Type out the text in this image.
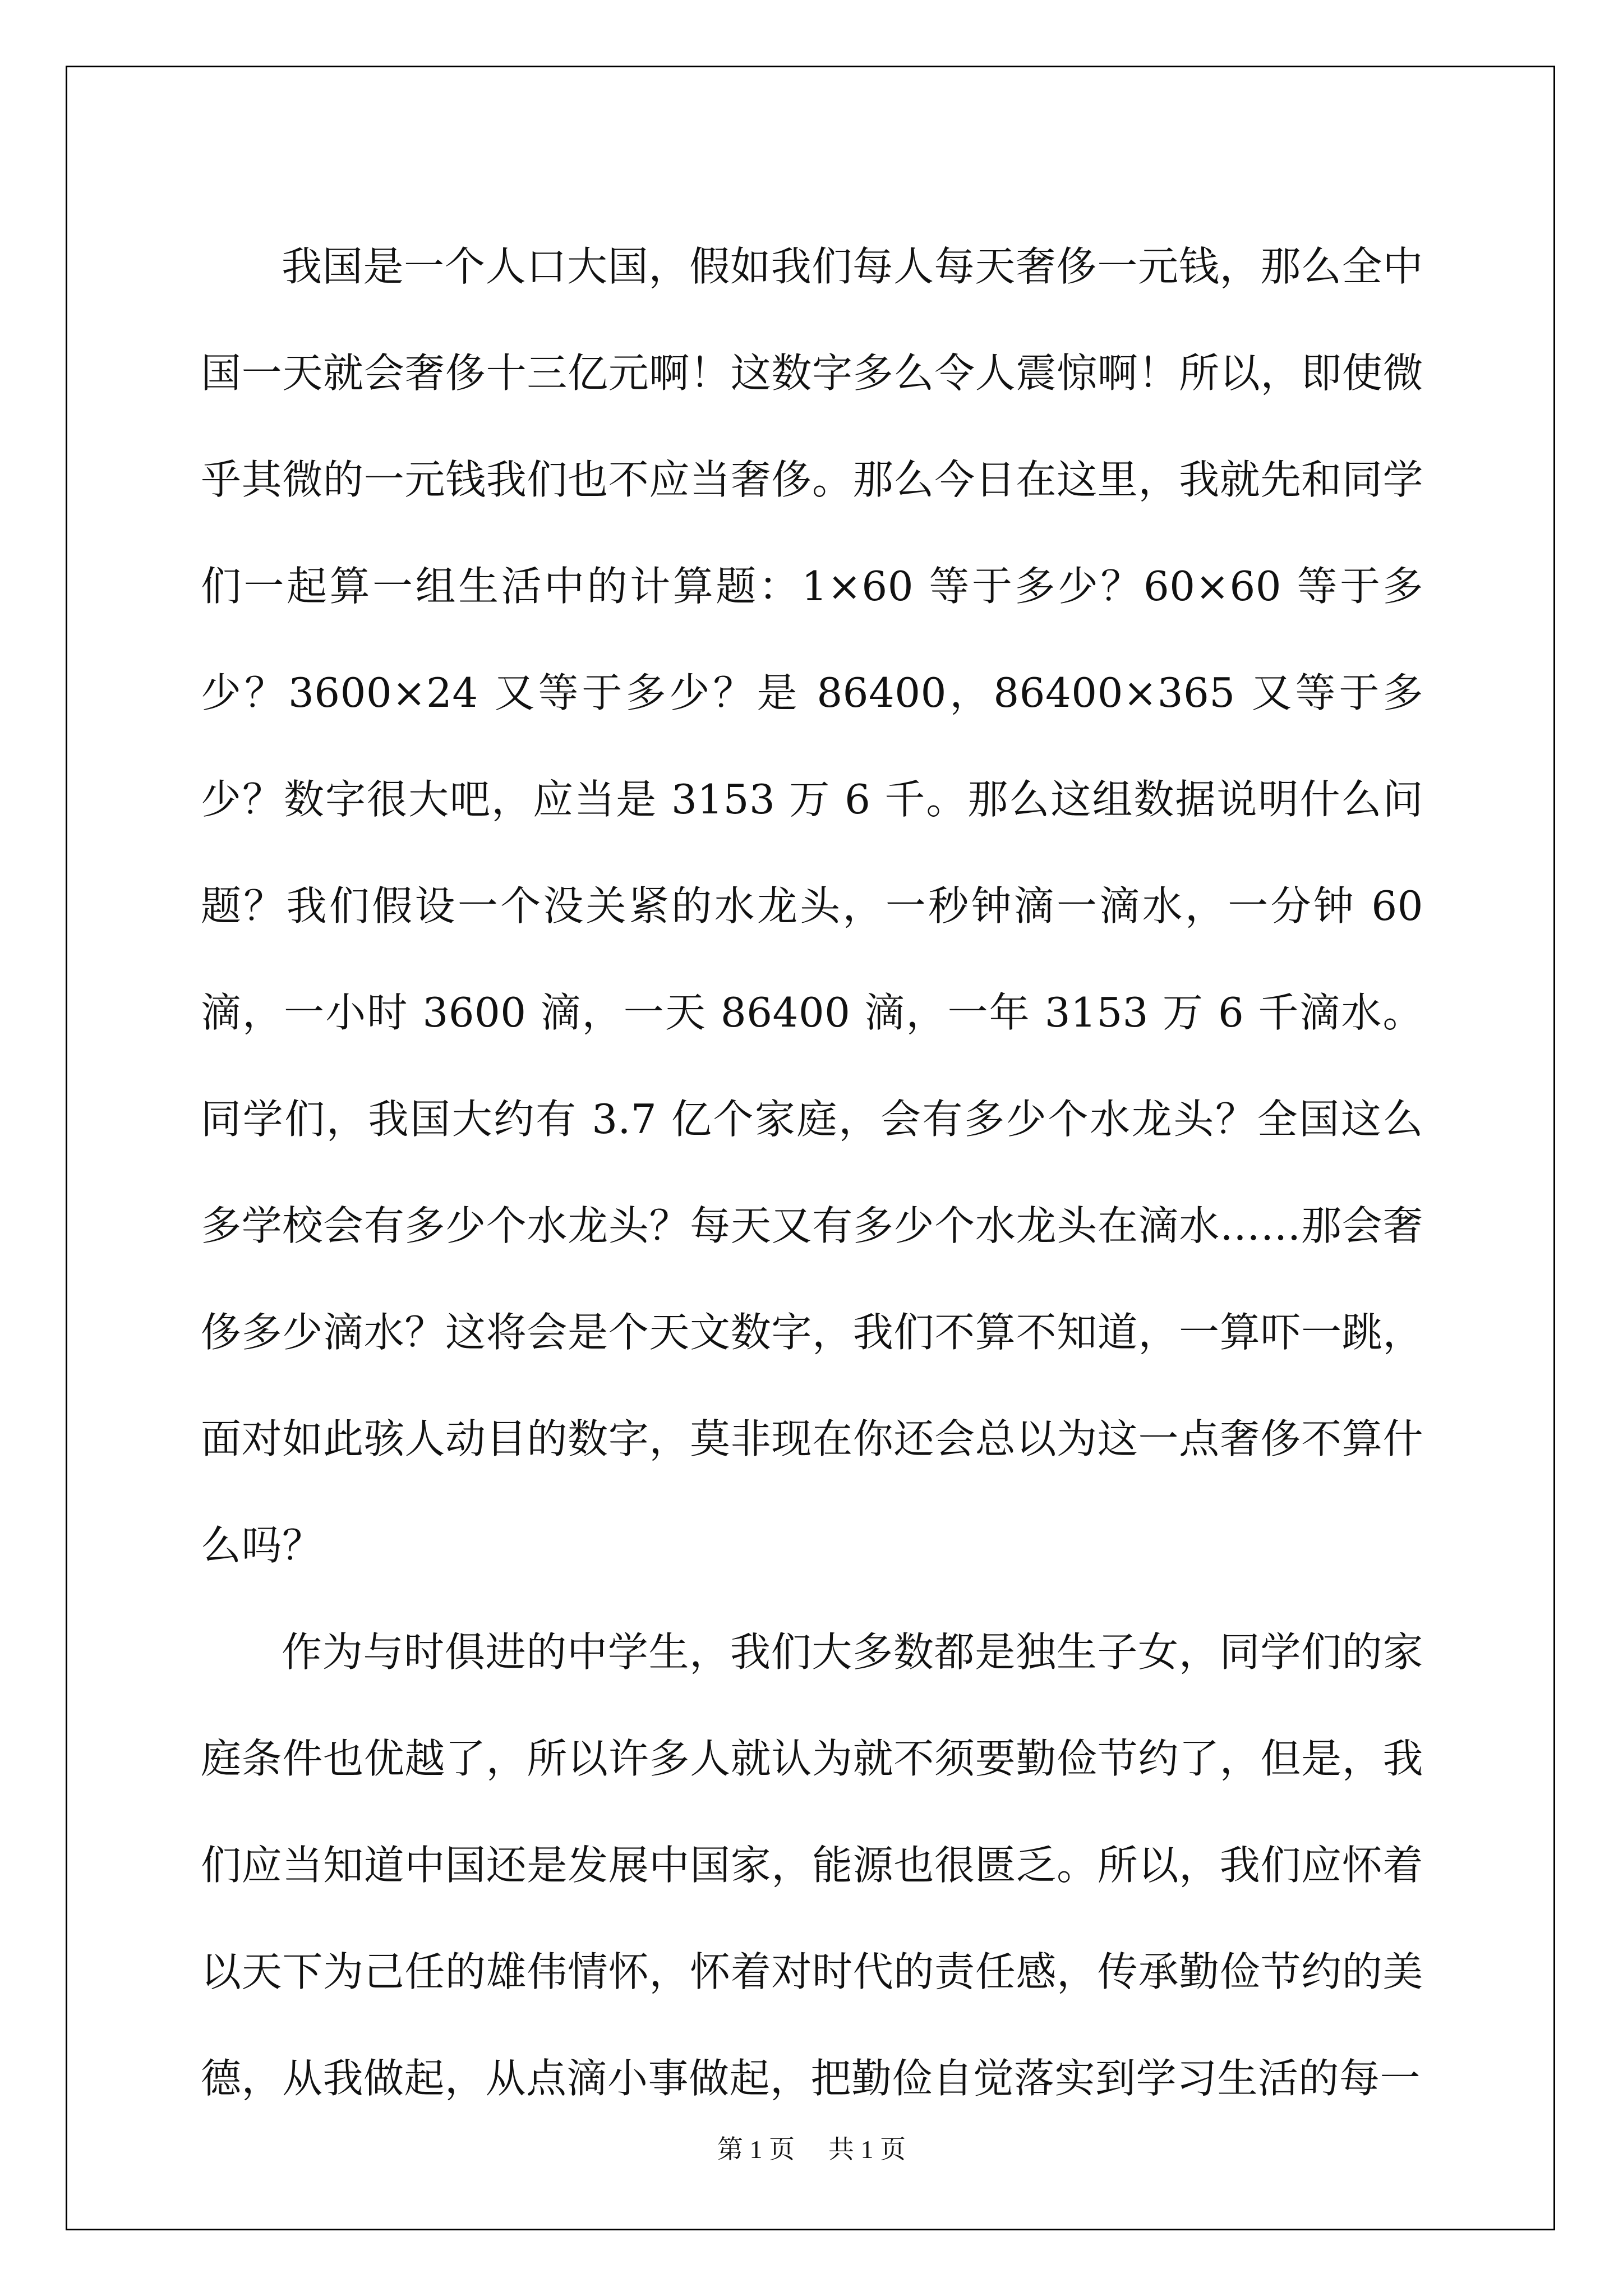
我国是一个人口大国，假如我们每人每天奢侈一元钱，那么全中国一天就会奢侈十三亿元啊！这数字多么令人震惊啊！所以，即使微乎其微的一元钱我们也不应当奢侈。那么今日在这里，我就先和同学们一起算一组生活中的计算题：1×60 等于多少？60×60 等于多少？3600×24 又等于多少？是 86400，86400×365 又等于多少？数字很大吧，应当是 3153 万 6 千。那么这组数据说明什么问题？我们假设一个没关紧的水龙头，一秒钟滴一滴水，一分钟 60 滴，一小时 3600 滴，一天 86400 滴，一年 3153 万 6 千滴水。同学们，我国大约有 3.7 亿个家庭，会有多少个水龙头？全国这么多学校会有多少个水龙头？每天又有多少个水龙头在滴水……那会奢侈多少滴水？这将会是个天文数字，我们不算不知道，一算吓一跳，面对如此骇人动目的数字，莫非现在你还会总以为这一点奢侈不算什么吗？

作为与时俱进的中学生，我们大多数都是独生子女，同学们的家庭条件也优越了，所以许多人就认为就不须要勤俭节约了，但是，我们应当知道中国还是发展中国家，能源也很匮乏。所以，我们应怀着以天下为己任的雄伟情怀，怀着对时代的责任感，传承勤俭节约的美德，从我做起，从点滴小事做起，把勤俭自觉落实到学习生活的每一

第 1 页 共 1 页
